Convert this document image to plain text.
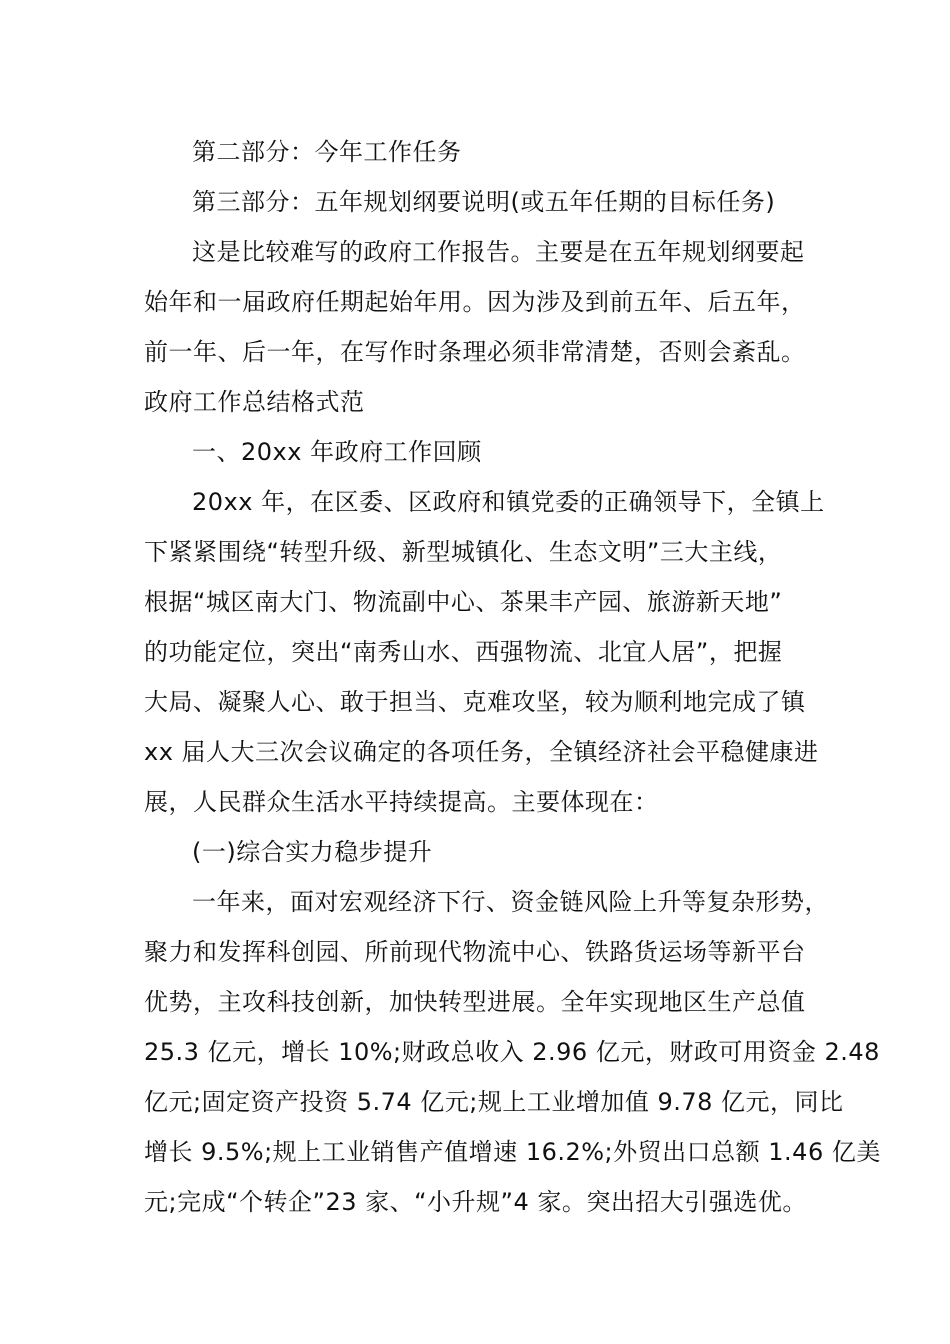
第二部分：今年工作任务
第三部分：五年规划纲要说明(或五年任期的目标任务)
这是比较难写的政府工作报告。主要是在五年规划纲要起
始年和一届政府任期起始年用。因为涉及到前五年、后五年，
前一年、后一年，在写作时条理必须非常清楚，否则会紊乱。
政府工作总结格式范
一、20xx 年政府工作回顾
20xx 年，在区委、区政府和镇党委的正确领导下，全镇上
下紧紧围绕“转型升级、新型城镇化、生态文明”三大主线，
根据“城区南大门、物流副中心、茶果丰产园、旅游新天地”
的功能定位，突出“南秀山水、西强物流、北宜人居”，把握
大局、凝聚人心、敢于担当、克难攻坚，较为顺利地完成了镇
xx 届人大三次会议确定的各项任务，全镇经济社会平稳健康进
展，人民群众生活水平持续提高。主要体现在：
(一)综合实力稳步提升
一年来，面对宏观经济下行、资金链风险上升等复杂形势，
聚力和发挥科创园、所前现代物流中心、铁路货运场等新平台
优势，主攻科技创新，加快转型进展。全年实现地区生产总值
25.3 亿元，增长 10%;财政总收入 2.96 亿元，财政可用资金 2.48
亿元;固定资产投资 5.74 亿元;规上工业增加值 9.78 亿元，同比
增长 9.5%;规上工业销售产值增速 16.2%;外贸出口总额 1.46 亿美
元;完成“个转企”23 家、“小升规”4 家。突出招大引强选优。
